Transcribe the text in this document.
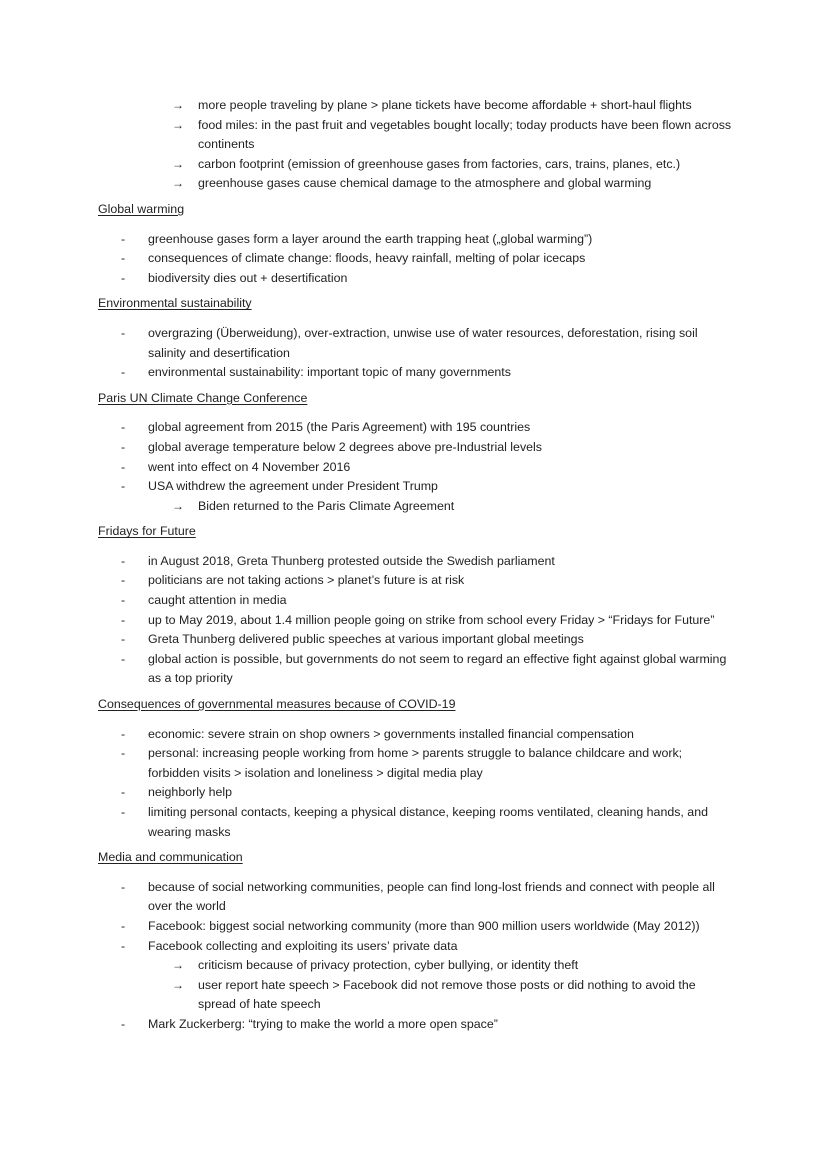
→ more people traveling by plane > plane tickets have become affordable + short-haul flights
→ food miles: in the past fruit and vegetables bought locally; today products have been flown across continents
→ carbon footprint (emission of greenhouse gases from factories, cars, trains, planes, etc.)
→ greenhouse gases cause chemical damage to the atmosphere and global warming
Global warming
- greenhouse gases form a layer around the earth trapping heat („global warming”)
- consequences of climate change: floods, heavy rainfall, melting of polar icecaps
- biodiversity dies out + desertification
Environmental sustainability
- overgrazing (Überweidung), over-extraction, unwise use of water resources, deforestation, rising soil salinity and desertification
- environmental sustainability: important topic of many governments
Paris UN Climate Change Conference
- global agreement from 2015 (the Paris Agreement) with 195 countries
- global average temperature below 2 degrees above pre-Industrial levels
- went into effect on 4 November 2016
- USA withdrew the agreement under President Trump
→ Biden returned to the Paris Climate Agreement
Fridays for Future
- in August 2018, Greta Thunberg protested outside the Swedish parliament
- politicians are not taking actions > planet’s future is at risk
- caught attention in media
- up to May 2019, about 1.4 million people going on strike from school every Friday > “Fridays for Future”
- Greta Thunberg delivered public speeches at various important global meetings
- global action is possible, but governments do not seem to regard an effective fight against global warming as a top priority
Consequences of governmental measures because of COVID-19
- economic: severe strain on shop owners > governments installed financial compensation
- personal: increasing people working from home > parents struggle to balance childcare and work; forbidden visits > isolation and loneliness > digital media play
- neighborly help
- limiting personal contacts, keeping a physical distance, keeping rooms ventilated, cleaning hands, and wearing masks
Media and communication
- because of social networking communities, people can find long-lost friends and connect with people all over the world
- Facebook: biggest social networking community (more than 900 million users worldwide (May 2012))
- Facebook collecting and exploiting its users’ private data
→ criticism because of privacy protection, cyber bullying, or identity theft
→ user report hate speech > Facebook did not remove those posts or did nothing to avoid the spread of hate speech
- Mark Zuckerberg: “trying to make the world a more open space”
